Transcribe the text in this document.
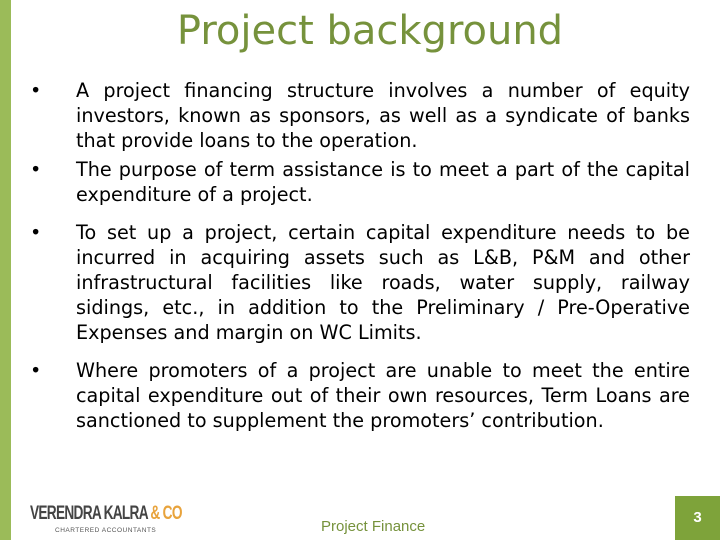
Project background
•	A project financing structure involves a number of equity investors, known as sponsors, as well as a syndicate of banks that provide loans to the operation.
•	The purpose of term assistance is to meet a part of the capital expenditure of a project.
•	To set up a project, certain capital expenditure needs to be incurred in acquiring assets such as L&B, P&M and other infrastructural facilities like roads, water supply, railway sidings, etc., in addition to the Preliminary / Pre-Operative Expenses and margin on WC Limits.
•	Where promoters of a project are unable to meet the entire capital expenditure out of their own resources, Term Loans are sanctioned to supplement the promoters’ contribution.
VERENDRA KALRA & CO
CHARTERED ACCOUNTANTS	Project Finance
3
